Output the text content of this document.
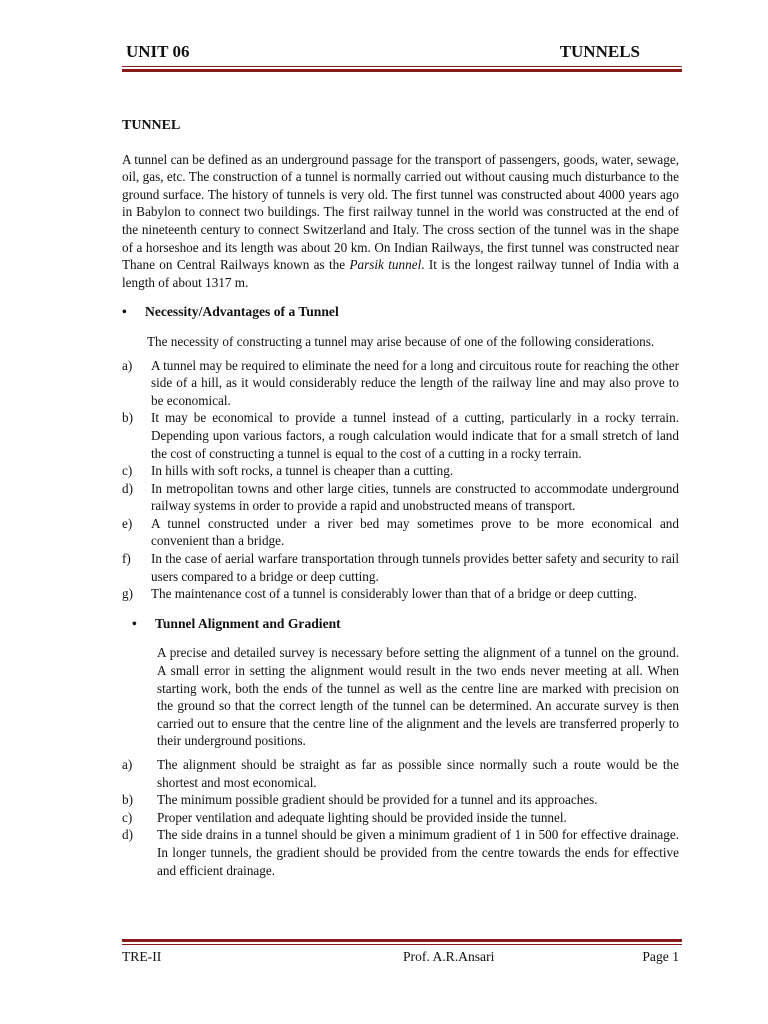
UNIT 06	TUNNELS
TUNNEL

A tunnel can be defined as an underground passage for the transport of passengers, goods, water, sewage, oil, gas, etc. The construction of a tunnel is normally carried out without causing much disturbance to the ground surface. The history of tunnels is very old. The first tunnel was constructed about 4000 years ago in Babylon to connect two buildings. The first railway tunnel in the world was constructed at the end of the nineteenth century to connect Switzerland and Italy. The cross section of the tunnel was in the shape of a horseshoe and its length was about 20 km. On Indian Railways, the first tunnel was constructed near Thane on Central Railways known as the Parsik tunnel. It is the longest railway tunnel of India with a length of about 1317 m.

• Necessity/Advantages of a Tunnel

The necessity of constructing a tunnel may arise because of one of the following considerations.

a) A tunnel may be required to eliminate the need for a long and circuitous route for reaching the other side of a hill, as it would considerably reduce the length of the railway line and may also prove to be economical.
b) It may be economical to provide a tunnel instead of a cutting, particularly in a rocky terrain. Depending upon various factors, a rough calculation would indicate that for a small stretch of land the cost of constructing a tunnel is equal to the cost of a cutting in a rocky terrain.
c) In hills with soft rocks, a tunnel is cheaper than a cutting.
d) In metropolitan towns and other large cities, tunnels are constructed to accommodate underground railway systems in order to provide a rapid and unobstructed means of transport.
e) A tunnel constructed under a river bed may sometimes prove to be more economical and convenient than a bridge.
f) In the case of aerial warfare transportation through tunnels provides better safety and security to rail users compared to a bridge or deep cutting.
g) The maintenance cost of a tunnel is considerably lower than that of a bridge or deep cutting.
• Tunnel Alignment and Gradient

A precise and detailed survey is necessary before setting the alignment of a tunnel on the ground. A small error in setting the alignment would result in the two ends never meeting at all. When starting work, both the ends of the tunnel as well as the centre line are marked with precision on the ground so that the correct length of the tunnel can be determined. An accurate survey is then carried out to ensure that the centre line of the alignment and the levels are transferred properly to their underground positions.

a) The alignment should be straight as far as possible since normally such a route would be the shortest and most economical.
b) The minimum possible gradient should be provided for a tunnel and its approaches.
c) Proper ventilation and adequate lighting should be provided inside the tunnel.
d) The side drains in a tunnel should be given a minimum gradient of 1 in 500 for effective drainage. In longer tunnels, the gradient should be provided from the centre towards the ends for effective and efficient drainage.
TRE-II	Prof. A.R.Ansari	Page 1
